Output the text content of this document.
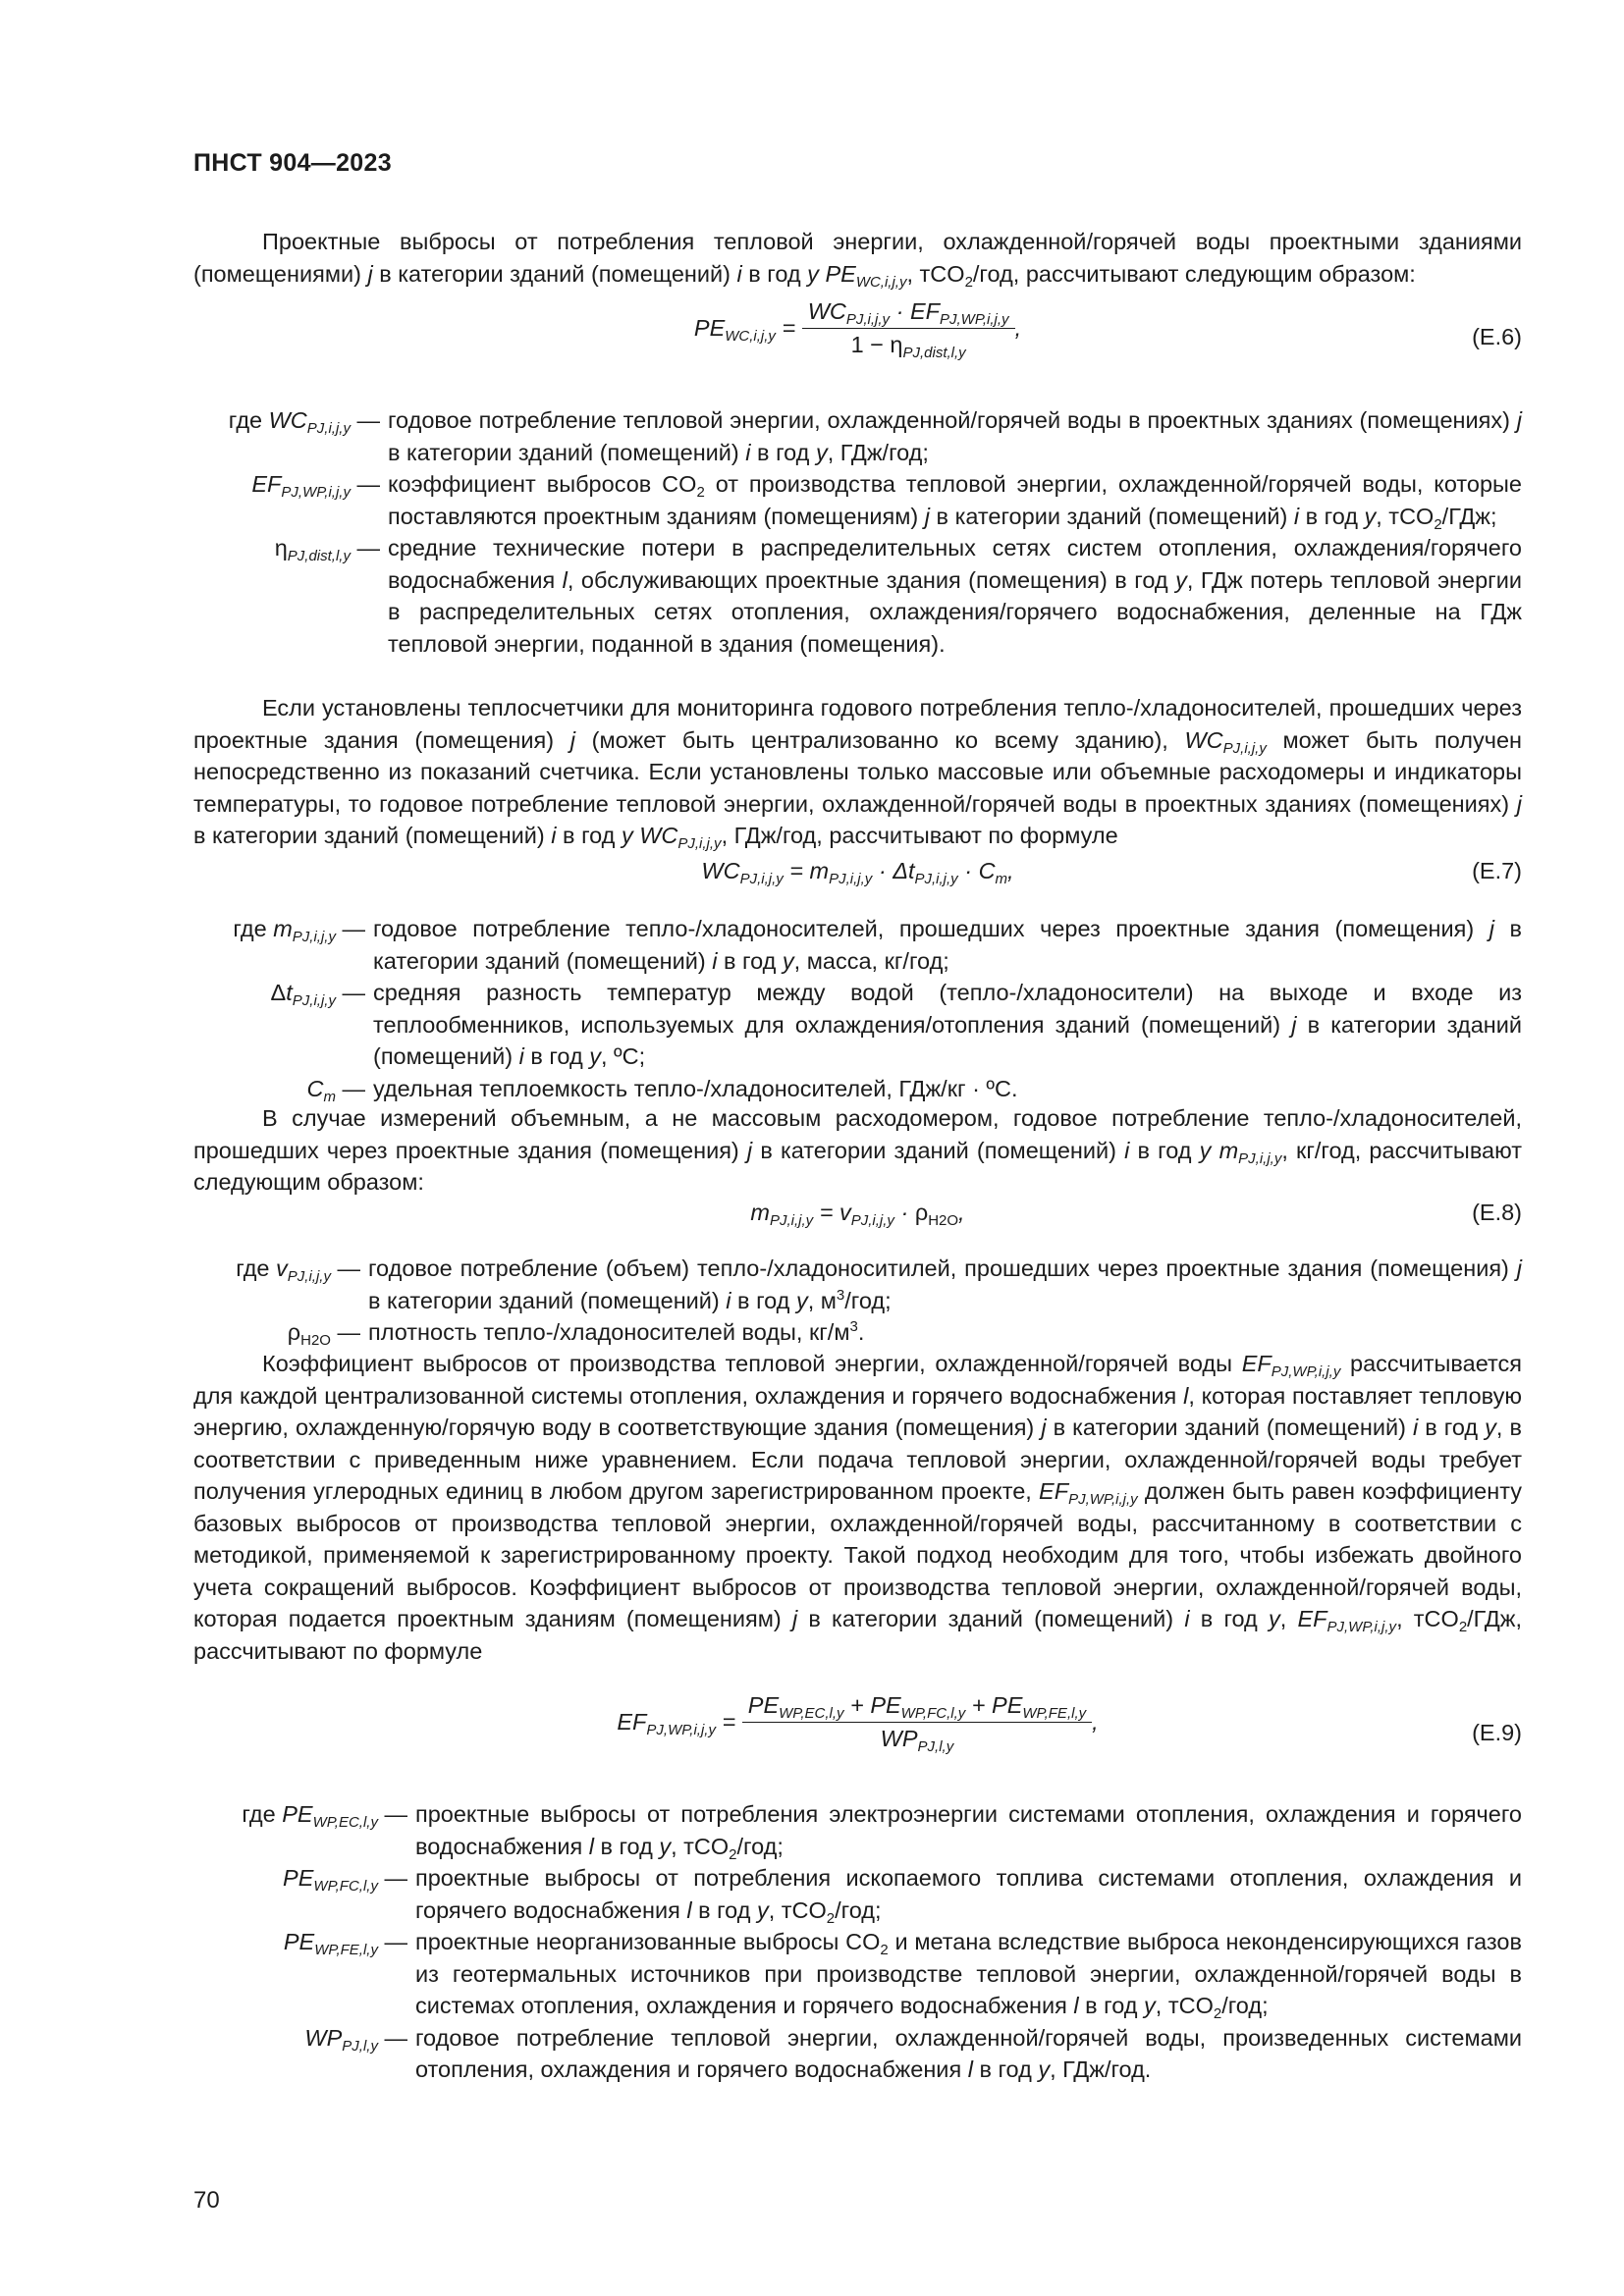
ПНСТ 904—2023
Проектные выбросы от потребления тепловой энергии, охлажденной/горячей воды проектными зданиями (помещениями) j в категории зданий (помещений) i в год y $PE_{WC,i,j,y}$, тCO$_2$/год, рассчитывают следующим образом:
$PE_{WC,i,j,y} = \frac{WC_{PJ,i,j,y} \cdot EF_{PJ,WP,i,j,y}}{1 - \eta_{PJ,dist,l,y}}$ ,	(Е.6)
где $WC_{PJ,i,j,y}$ — годовое потребление тепловой энергии, охлажденной/горячей воды в проектных зданиях (помещениях) j в категории зданий (помещений) i в год y, ГДж/год;
$EF_{PJ,WP,i,j,y}$ — коэффициент выбросов $CO_2$ от производства тепловой энергии, охлажденной/горячей воды, которые поставляются проектным зданиям (помещениям) j в категории зданий (помещений) i в год y, тCO$_2$/ГДж;
$\eta_{PJ,dist,l,y}$ — средние технические потери в распределительных сетях систем отопления, охлаждения/горячего водоснабжения l, обслуживающих проектные здания (помещения) в год y, ГДж потерь тепловой энергии в распределительных сетях отопления, охлаждения/горячего водоснабжения, деленные на ГДж тепловой энергии, поданной в здания (помещения).
Если установлены теплосчетчики для мониторинга годового потребления тепло-/хладоносителей, прошедших через проектные здания (помещения) j (может быть централизованно ко всему зданию), $WC_{PJ,i,j,y}$ может быть получен непосредственно из показаний счетчика. Если установлены только массовые или объемные расходомеры и индикаторы температуры, то годовое потребление тепловой энергии, охлажденной/горячей воды в проектных зданиях (помещениях) j в категории зданий (помещений) i в год y $WC_{PJ,i,j,y}$, ГДж/год, рассчитывают по формуле
$WC_{PJ,i,j,y} = m_{PJ,i,j,y} \cdot \Delta t_{PJ,i,j,y} \cdot C_m$,	(Е.7)
где $m_{PJ,i,j,y}$ — годовое потребление тепло-/хладоносителей, прошедших через проектные здания (помещения) j в категории зданий (помещений) i в год y, масса, кг/год;
$\Delta t_{PJ,i,j,y}$ — средняя разность температур между водой (тепло-/хладоносители) на выходе и входе из теплообменников, используемых для охлаждения/отопления зданий (помещений) j в категории зданий (помещений) i в год y, ºС;
$C_m$ — удельная теплоемкость тепло-/хладоносителей, ГДж/кг · ºС.
В случае измерений объемным, а не массовым расходомером, годовое потребление тепло-/хладоносителей, прошедших через проектные здания (помещения) j в категории зданий (помещений) i в год y $m_{PJ,i,j,y}$, кг/год, рассчитывают следующим образом:
$m_{PJ,i,j,y} = v_{PJ,i,j,y} \cdot \rho_{H2O}$,	(Е.8)
где $v_{PJ,i,j,y}$ — годовое потребление (объем) тепло-/хладоноситилей, прошедших через проектные здания (помещения) j в категории зданий (помещений) i в год y, $м^3$/год;
$\rho_{H2O}$ — плотность тепло-/хладоносителей воды, $кг/м^3$.
Коэффициент выбросов от производства тепловой энергии, охлажденной/горячей воды $EF_{PJ,WP,i,j,y}$ рассчитывается для каждой централизованной системы отопления, охлаждения и горячего водоснабжения l, которая поставляет тепловую энергию, охлажденную/горячую воду в соответствующие здания (помещения) j в категории зданий (помещений) i в год y, в соответствии с приведенным ниже уравнением. Если подача тепловой энергии, охлажденной/горячей воды требует получения углеродных единиц в любом другом зарегистрированном проекте, $EF_{PJ,WP,i,j,y}$ должен быть равен коэффициенту базовых выбросов от производства тепловой энергии, охлажденной/горячей воды, рассчитанному в соответствии с методикой, применяемой к зарегистрированному проекту. Такой подход необходим для того, чтобы избежать двойного учета сокращений выбросов. Коэффициент выбросов от производства тепловой энергии, охлажденной/горячей воды, которая подается проектным зданиям (помещениям) j в категории зданий (помещений) i в год y, $EF_{PJ,WP,i,j,y}$, тCO$_2$/ГДж, рассчитывают по формуле
$EF_{PJ,WP,i,j,y} = \frac{PE_{WP,EC,l,y} + PE_{WP,FC,l,y} + PE_{WP,FE,l,y}}{WP_{PJ,l,y}}$ ,	(Е.9)
где $PE_{WP,EC,l,y}$ — проектные выбросы от потребления электроэнергии системами отопления, охлаждения и горячего водоснабжения l в год y, тCO$_2$/год;
$PE_{WP,FC,l,y}$ — проектные выбросы от потребления ископаемого топлива системами отопления, охлаждения и горячего водоснабжения l в год y, тCO$_2$/год;
$PE_{WP,FE,l,y}$ — проектные неорганизованные выбросы $CO_2$ и метана вследствие выброса неконденсирующихся газов из геотермальных источников при производстве тепловой энергии, охлажденной/горячей воды в системах отопления, охлаждения и горячего водоснабжения l в год y, тCO$_2$/год;
$WP_{PJ,l,y}$ — годовое потребление тепловой энергии, охлажденной/горячей воды, произведенных системами отопления, охлаждения и горячего водоснабжения l в год y, ГДж/год.
70
